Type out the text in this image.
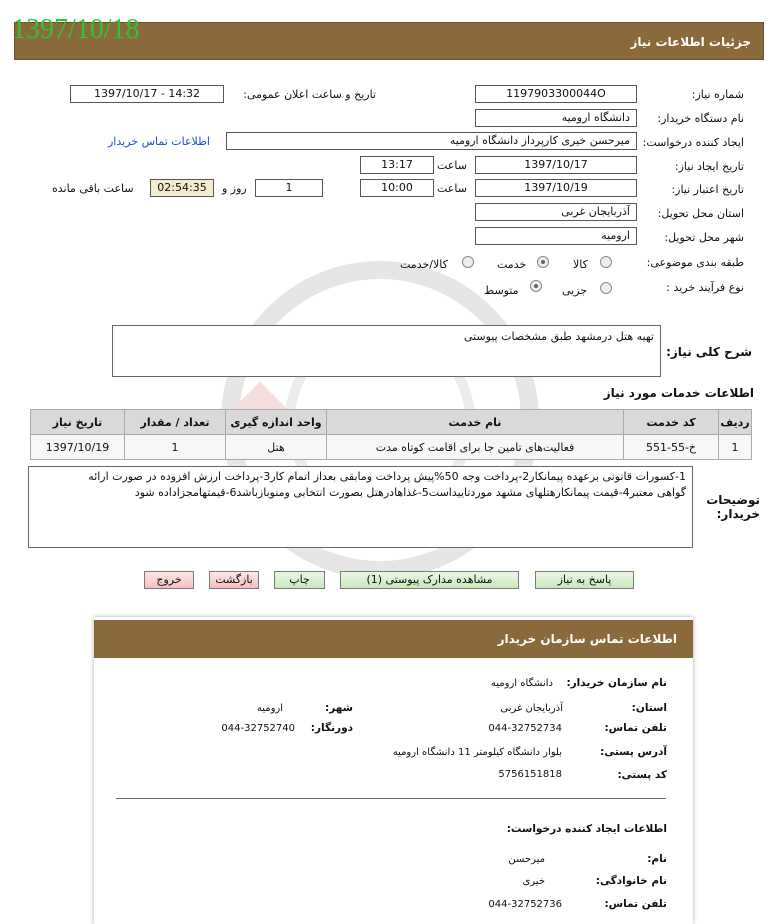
جزئیات اطلاعات نیاز
1397/10/18
شماره نیاز:
1197903300044O
تاریخ و ساعت اعلان عمومی:
1397/10/17 - 14:32
نام دستگاه خریدار:
دانشگاه ارومیه
ایجاد کننده درخواست:
میرحسن خیری کارپرداز دانشگاه ارومیه
اطلاعات تماس خریدار
تاریخ ایجاد نیاز:
1397/10/17
ساعت
13:17
تاریخ اعتبار نیاز:
1397/10/19
ساعت
10:00
1
روز و
02:54:35
ساعت باقی مانده
استان محل تحویل:
آذربایجان غربی
شهر محل تحویل:
ارومیه
طبقه بندی موضوعی:
کالا
خدمت
کالا/خدمت
نوع فرآیند خرید :
جزیی
متوسط
شرح کلی نیاز:
تهیه هتل درمشهد طبق مشخصات پیوستی
اطلاعات خدمات مورد نیاز
ردیف	کد خدمت	نام خدمت	واحد اندازه گیری	تعداد / مقدار	تاریخ نیاز
1	خ-55-551	فعالیت‌های تامین جا برای اقامت کوتاه مدت	هتل	1	1397/10/19
توضیحات خریدار:
1-کسورات قانونی برعهده پیمانکار2-پرداخت وجه 50%پیش پرداخت ومابقی بعداز اتمام کار3-پرداخت ارزش افزوده در صورت ارائه
گواهی معتبر4-قیمت پیمانکارهتلهای مشهد موردتاییداست5-غذاهادرهتل بصورت انتخابی ومنوبازباشد6-قیمتهامجزاداده شود
پاسخ به نیاز
مشاهده مدارک پیوستی (1)
چاپ
بازگشت
خروج
اطلاعات تماس سازمان خریدار
نام سازمان خریدار:
دانشگاه ارومیه
استان:
آذربایجان غربی
شهر:
ارومیه
تلفن تماس:
044-32752734
دورنگار:
044-32752740
آدرس پستی:
بلوار دانشگاه کیلومتر 11 دانشگاه ارومیه
کد پستی:
5756151818
اطلاعات ایجاد کننده درخواست:
نام:
میرحسن
نام خانوادگی:
خیری
تلفن تماس:
044-32752736
